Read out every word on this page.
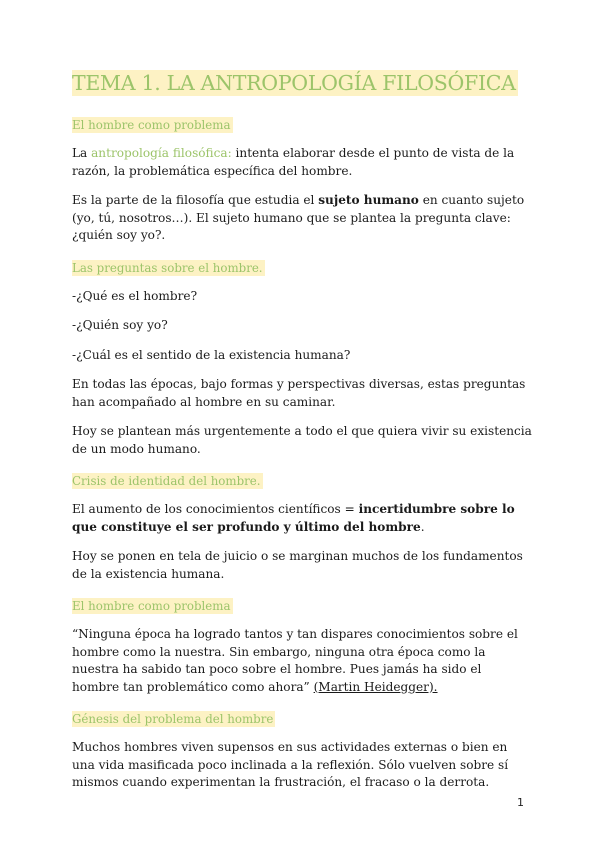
TEMA 1. LA ANTROPOLOGÍA FILOSÓFICA
El hombre como problema

La antropología filosófica: intenta elaborar desde el punto de vista de la razón, la problemática específica del hombre.

Es la parte de la filosofía que estudia el sujeto humano en cuanto sujeto (yo, tú, nosotros…). El sujeto humano que se plantea la pregunta clave: ¿quién soy yo?.

Las preguntas sobre el hombre.

-¿Qué es el hombre?

-¿Quién soy yo?

-¿Cuál es el sentido de la existencia humana?

En todas las épocas, bajo formas y perspectivas diversas, estas preguntas han acompañado al hombre en su caminar.

Hoy se plantean más urgentemente a todo el que quiera vivir su existencia de un modo humano.

Crisis de identidad del hombre.

El aumento de los conocimientos científicos = incertidumbre sobre lo que constituye el ser profundo y último del hombre.

Hoy se ponen en tela de juicio o se marginan muchos de los fundamentos de la existencia humana.

El hombre como problema

“Ninguna época ha logrado tantos y tan dispares conocimientos sobre el hombre como la nuestra. Sin embargo, ninguna otra época como la nuestra ha sabido tan poco sobre el hombre. Pues jamás ha sido el hombre tan problemático como ahora” (Martin Heidegger).

Génesis del problema del hombre

Muchos hombres viven supensos en sus actividades externas o bien en una vida masificada poco inclinada a la reflexión. Sólo vuelven sobre sí mismos cuando experimentan la frustración, el fracaso o la derrota.

1
